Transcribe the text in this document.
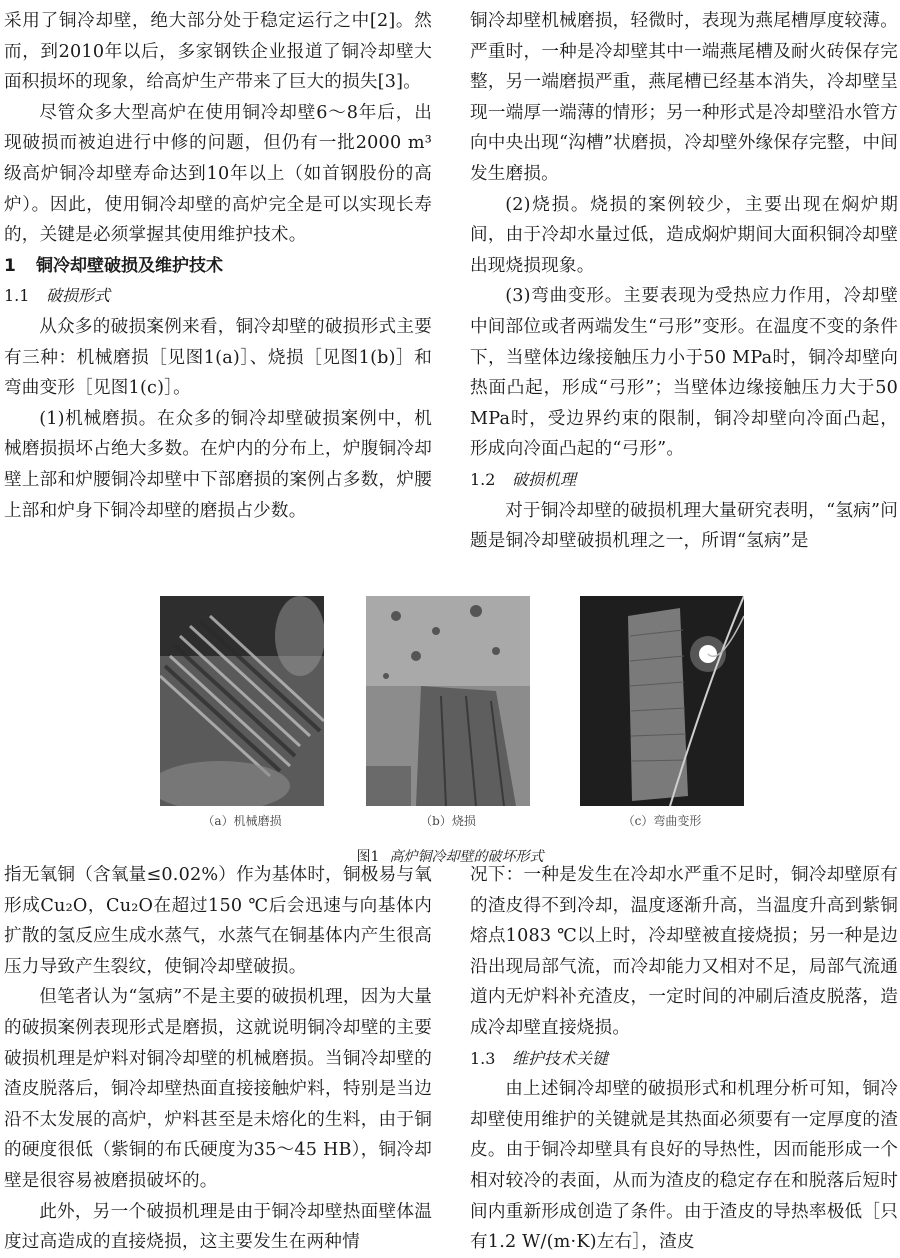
采用了铜冷却壁，绝大部分处于稳定运行之中[2]。然而，到2010年以后，多家钢铁企业报道了铜冷却壁大面积损坏的现象，给高炉生产带来了巨大的损失[3]。

尽管众多大型高炉在使用铜冷却壁6～8年后，出现破损而被迫进行中修的问题，但仍有一批2000 m³级高炉铜冷却壁寿命达到10年以上（如首钢股份的高炉）。因此，使用铜冷却壁的高炉完全是可以实现长寿的，关键是必须掌握其使用维护技术。

1 铜冷却壁破损及维护技术
1.1 破损形式

从众多的破损案例来看，铜冷却壁的破损形式主要有三种：机械磨损［见图1(a)］、烧损［见图1(b)］和弯曲变形［见图1(c)］。

(1)机械磨损。在众多的铜冷却壁破损案例中，机械磨损损坏占绝大多数。在炉内的分布上，炉腹铜冷却壁上部和炉腰铜冷却壁中下部磨损的案例占多数，炉腰上部和炉身下铜冷却壁的磨损占少数。

铜冷却壁机械磨损，轻微时，表现为燕尾槽厚度较薄。严重时，一种是冷却壁其中一端燕尾槽及耐火砖保存完整，另一端磨损严重，燕尾槽已经基本消失，冷却壁呈现一端厚一端薄的情形；另一种形式是冷却壁沿水管方向中央出现“沟槽”状磨损，冷却壁外缘保存完整，中间发生磨损。

(2)烧损。烧损的案例较少，主要出现在焖炉期间，由于冷却水量过低，造成焖炉期间大面积铜冷却壁出现烧损现象。

(3)弯曲变形。主要表现为受热应力作用，冷却壁中间部位或者两端发生“弓形”变形。在温度不变的条件下，当壁体边缘接触压力小于50 MPa时，铜冷却壁向热面凸起，形成“弓形”；当壁体边缘接触压力大于50 MPa时，受边界约束的限制，铜冷却壁向冷面凸起，形成向冷面凸起的“弓形”。

1.2 破损机理

对于铜冷却壁的破损机理大量研究表明，“氢病”问题是铜冷却壁破损机理之一，所谓“氢病”是

（a）机械磨损	（b）烧损	（c）弯曲变形
图1 高炉铜冷却壁的破坏形式

指无氧铜（含氧量≤0.02%）作为基体时，铜极易与氧形成Cu₂O，Cu₂O在超过150 ℃后会迅速与向基体内扩散的氢反应生成水蒸气，水蒸气在铜基体内产生很高压力导致产生裂纹，使铜冷却壁破损。

但笔者认为“氢病”不是主要的破损机理，因为大量的破损案例表现形式是磨损，这就说明铜冷却壁的主要破损机理是炉料对铜冷却壁的机械磨损。当铜冷却壁的渣皮脱落后，铜冷却壁热面直接接触炉料，特别是当边沿不太发展的高炉，炉料甚至是未熔化的生料，由于铜的硬度很低（紫铜的布氏硬度为35～45 HB），铜冷却壁是很容易被磨损破坏的。

此外，另一个破损机理是由于铜冷却壁热面壁体温度过高造成的直接烧损，这主要发生在两种情

况下：一种是发生在冷却水严重不足时，铜冷却壁原有的渣皮得不到冷却，温度逐渐升高，当温度升高到紫铜熔点1083 ℃以上时，冷却壁被直接烧损；另一种是边沿出现局部气流，而冷却能力又相对不足，局部气流通道内无炉料补充渣皮，一定时间的冲刷后渣皮脱落，造成冷却壁直接烧损。

1.3 维护技术关键

由上述铜冷却壁的破损形式和机理分析可知，铜冷却壁使用维护的关键就是其热面必须要有一定厚度的渣皮。由于铜冷却壁具有良好的导热性，因而能形成一个相对较冷的表面，从而为渣皮的稳定存在和脱落后短时间内重新形成创造了条件。由于渣皮的导热率极低［只有1.2 W/(m·K)左右］，渣皮
